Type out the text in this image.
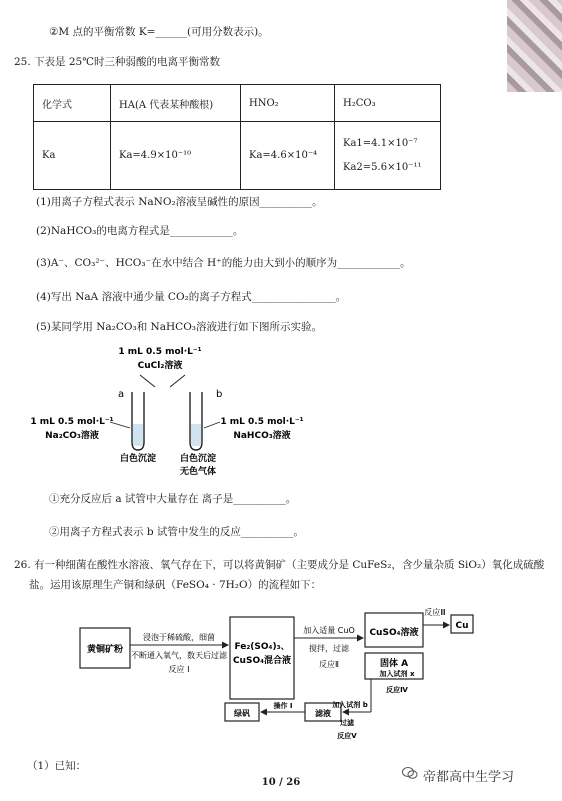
②M 点的平衡常数 K=______(可用分数表示)。
25. 下表是 25℃时三种弱酸的电离平衡常数
化学式	HA(A 代表某种酸根)	HNO₂	H₂CO₃
Ka	Ka=4.9×10⁻¹⁰	Ka=4.6×10⁻⁴	Ka1=4.1×10⁻⁷
Ka2=5.6×10⁻¹¹
(1)用离子方程式表示 NaNO₂溶液呈碱性的原因__________。
(2)NaHCO₃的电离方程式是____________。
(3)A⁻、CO₃²⁻、HCO₃⁻在水中结合 H⁺的能力由大到小的顺序为____________。
(4)写出 NaA 溶液中通少量 CO₂的离子方程式________________。
(5)某同学用 Na₂CO₃和 NaHCO₃溶液进行如下图所示实验。
1 mL 0.5 mol·L⁻¹
CuCl₂溶液
a	b
1 mL 0.5 mol·L⁻¹
Na₂CO₃溶液
1 mL 0.5 mol·L⁻¹
NaHCO₃溶液
白色沉淀	白色沉淀
无色气体
①充分反应后 a 试管中大量存在 离子是__________。
②用离子方程式表示 b 试管中发生的反应__________。
26. 有一种细菌在酸性水溶液、氧气存在下，可以将黄铜矿（主要成分是 CuFeS₂，含少量杂质 SiO₂）氧化成硫酸
盐。运用该原理生产铜和绿矾（FeSO₄ · 7H₂O）的流程如下：
黄铜矿粉
浸泡于稀硫酸，细菌
不断通入氧气，数天后过滤
反应 I
Fe₂(SO₄)₃、
CuSO₄混合液
加入适量 CuO
搅拌，过滤
反应Ⅱ
CuSO₄溶液
反应Ⅲ
Cu
固体 A
加入试剂 x
反应Ⅳ
加入试剂 b
过滤
反应Ⅴ
滤液
操作 I
绿矾
（1）已知：
10 / 26	帝都高中生学习
